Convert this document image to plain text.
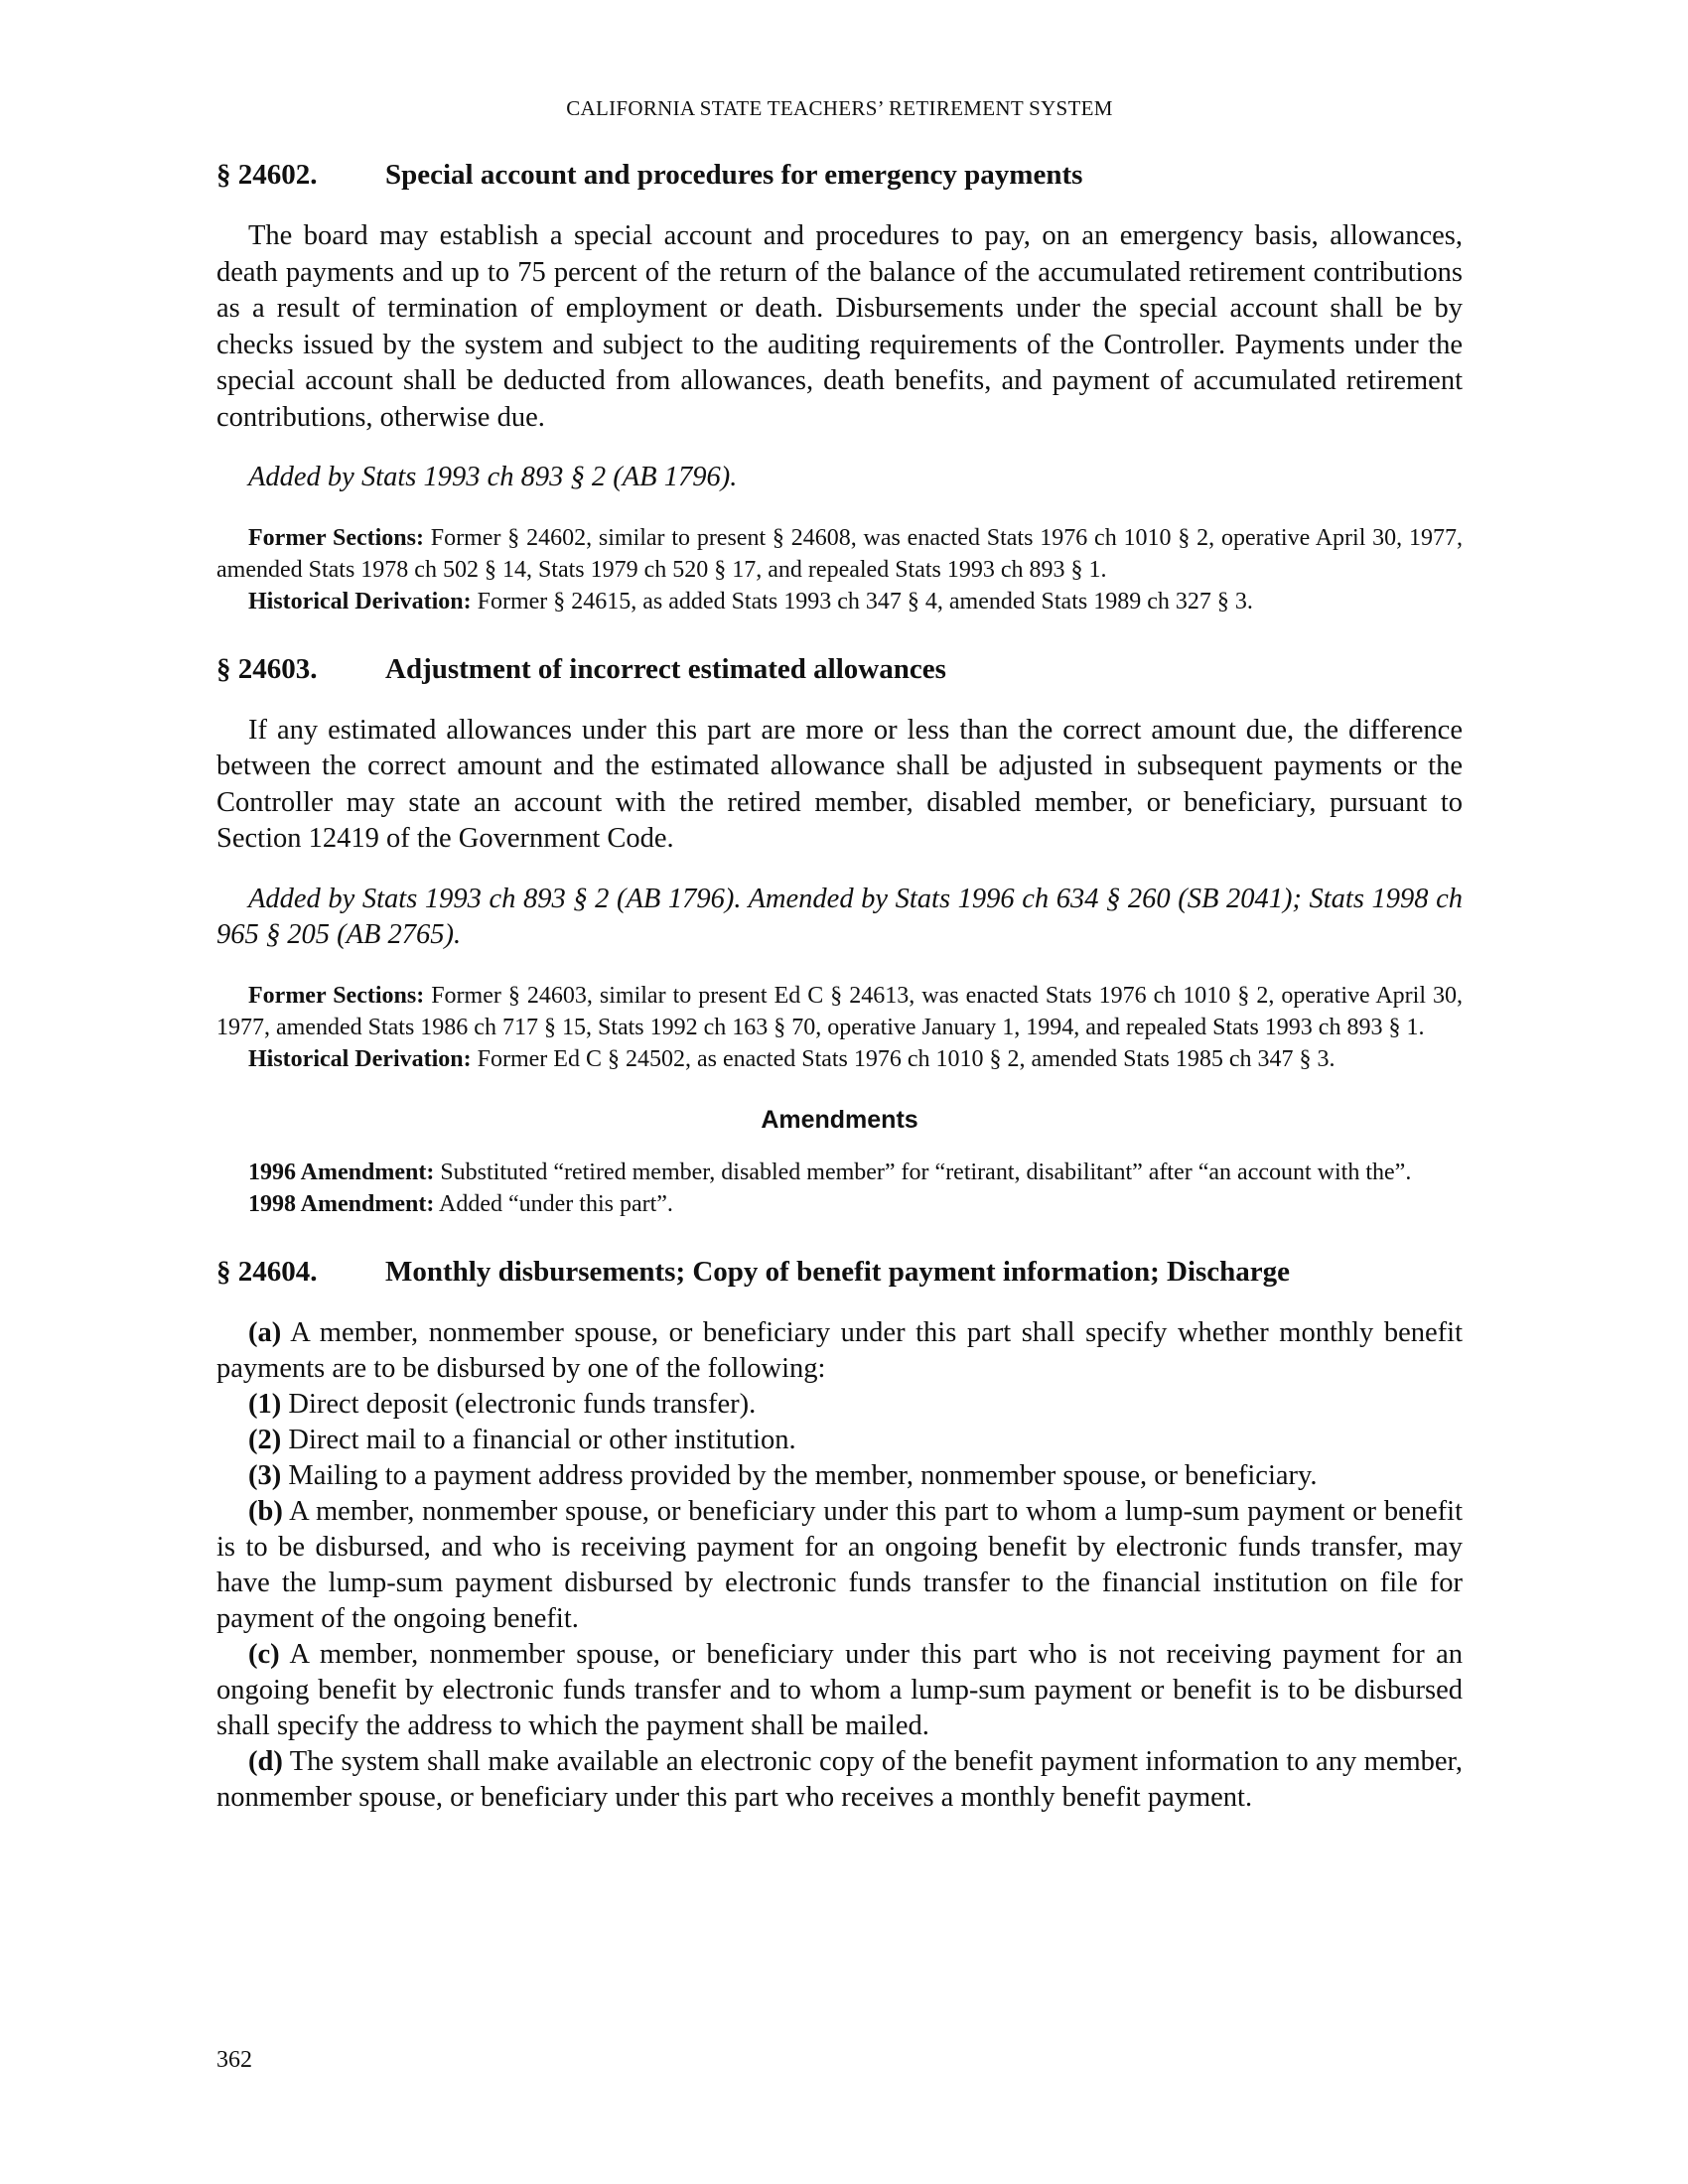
CALIFORNIA STATE TEACHERS’ RETIREMENT SYSTEM
§ 24602.	Special account and procedures for emergency payments

The board may establish a special account and procedures to pay, on an emergency basis, allowances, death payments and up to 75 percent of the return of the balance of the accumulated retirement contributions as a result of termination of employment or death. Disbursements under the special account shall be by checks issued by the system and subject to the auditing requirements of the Controller. Payments under the special account shall be deducted from allowances, death benefits, and payment of accumulated retirement contributions, otherwise due.

Added by Stats 1993 ch 893 § 2 (AB 1796).

Former Sections: Former § 24602, similar to present § 24608, was enacted Stats 1976 ch 1010 § 2, operative April 30, 1977, amended Stats 1978 ch 502 § 14, Stats 1979 ch 520 § 17, and repealed Stats 1993 ch 893 § 1.

Historical Derivation: Former § 24615, as added Stats 1993 ch 347 § 4, amended Stats 1989 ch 327 § 3.

§ 24603.	Adjustment of incorrect estimated allowances

If any estimated allowances under this part are more or less than the correct amount due, the difference between the correct amount and the estimated allowance shall be adjusted in subsequent payments or the Controller may state an account with the retired member, disabled member, or beneficiary, pursuant to Section 12419 of the Government Code.

Added by Stats 1993 ch 893 § 2 (AB 1796). Amended by Stats 1996 ch 634 § 260 (SB 2041); Stats 1998 ch 965 § 205 (AB 2765).

Former Sections: Former § 24603, similar to present Ed C § 24613, was enacted Stats 1976 ch 1010 § 2, operative April 30, 1977, amended Stats 1986 ch 717 § 15, Stats 1992 ch 163 § 70, operative January 1, 1994, and repealed Stats 1993 ch 893 § 1.

Historical Derivation: Former Ed C § 24502, as enacted Stats 1976 ch 1010 § 2, amended Stats 1985 ch 347 § 3.

Amendments

1996 Amendment: Substituted “retired member, disabled member” for “retirant, disabilitant” after “an account with the”.

1998 Amendment: Added “under this part”.

§ 24604.	Monthly disbursements; Copy of benefit payment information; Discharge

(a) A member, nonmember spouse, or beneficiary under this part shall specify whether monthly benefit payments are to be disbursed by one of the following:

(1) Direct deposit (electronic funds transfer).

(2) Direct mail to a financial or other institution.

(3) Mailing to a payment address provided by the member, nonmember spouse, or beneficiary.

(b) A member, nonmember spouse, or beneficiary under this part to whom a lump-sum payment or benefit is to be disbursed, and who is receiving payment for an ongoing benefit by electronic funds transfer, may have the lump-sum payment disbursed by electronic funds transfer to the financial institution on file for payment of the ongoing benefit.

(c) A member, nonmember spouse, or beneficiary under this part who is not receiving payment for an ongoing benefit by electronic funds transfer and to whom a lump-sum payment or benefit is to be disbursed shall specify the address to which the payment shall be mailed.

(d) The system shall make available an electronic copy of the benefit payment information to any member, nonmember spouse, or beneficiary under this part who receives a monthly benefit payment.

362
